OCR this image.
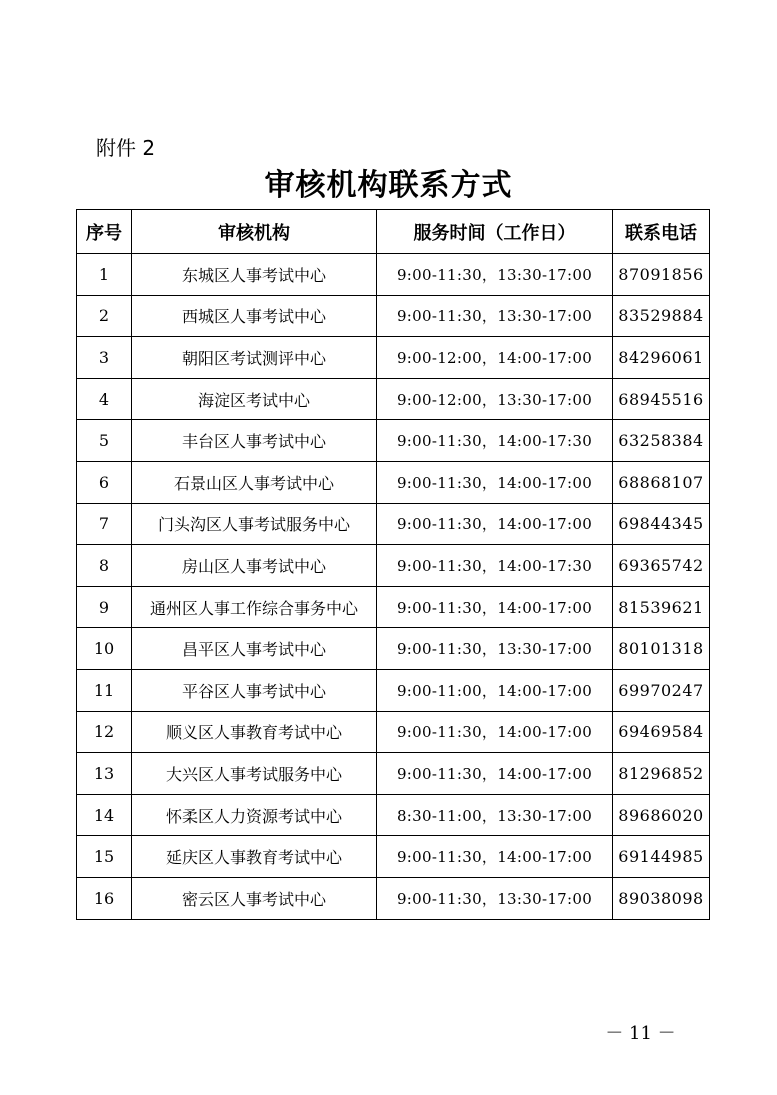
附件 2
审核机构联系方式
序号	审核机构	服务时间（工作日）	联系电话
1	东城区人事考试中心	9:00-11:30，13:30-17:00	87091856
2	西城区人事考试中心	9:00-11:30，13:30-17:00	83529884
3	朝阳区考试测评中心	9:00-12:00，14:00-17:00	84296061
4	海淀区考试中心	9:00-12:00，13:30-17:00	68945516
5	丰台区人事考试中心	9:00-11:30，14:00-17:30	63258384
6	石景山区人事考试中心	9:00-11:30，14:00-17:00	68868107
7	门头沟区人事考试服务中心	9:00-11:30，14:00-17:00	69844345
8	房山区人事考试中心	9:00-11:30，14:00-17:30	69365742
9	通州区人事工作综合事务中心	9:00-11:30，14:00-17:00	81539621
10	昌平区人事考试中心	9:00-11:30，13:30-17:00	80101318
11	平谷区人事考试中心	9:00-11:00，14:00-17:00	69970247
12	顺义区人事教育考试中心	9:00-11:30，14:00-17:00	69469584
13	大兴区人事考试服务中心	9:00-11:30，14:00-17:00	81296852
14	怀柔区人力资源考试中心	8:30-11:00，13:30-17:00	89686020
15	延庆区人事教育考试中心	9:00-11:30，14:00-17:00	69144985
16	密云区人事考试中心	9:00-11:30，13:30-17:00	89038098
－ 11 －
